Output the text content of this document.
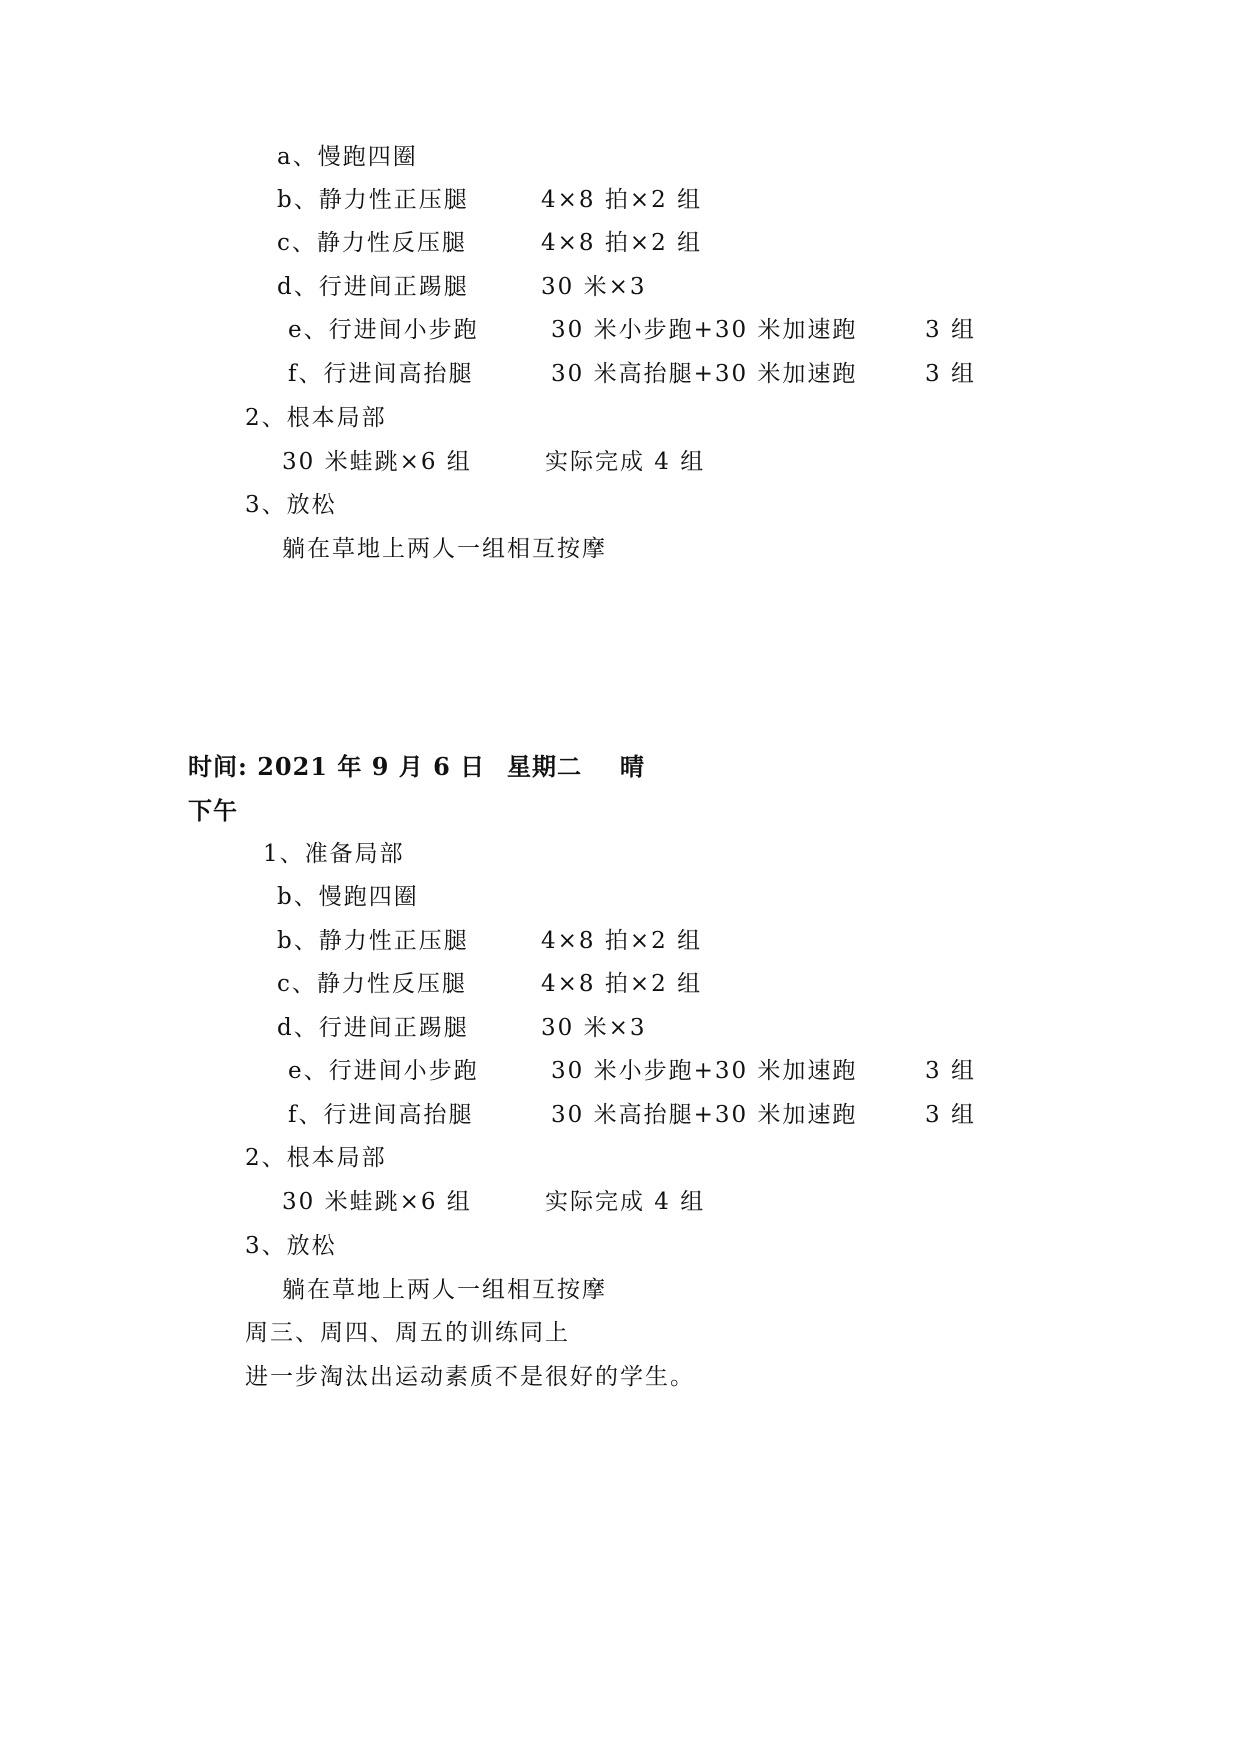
a、慢跑四圈
b、静力性正压腿	4×8 拍×2 组
c、静力性反压腿	4×8 拍×2 组
d、行进间正踢腿	30 米×3
e、行进间小步跑	30 米小步跑+30 米加速跑	3 组
f、行进间高抬腿	30 米高抬腿+30 米加速跑	3 组
2、根本局部
30 米蛙跳×6 组	实际完成 4 组
3、放松
躺在草地上两人一组相互按摩
时间: 2021 年 9 月 6 日 星期二 晴
下午
1、准备局部
b、慢跑四圈
b、静力性正压腿	4×8 拍×2 组
c、静力性反压腿	4×8 拍×2 组
d、行进间正踢腿	30 米×3
e、行进间小步跑	30 米小步跑+30 米加速跑	3 组
f、行进间高抬腿	30 米高抬腿+30 米加速跑	3 组
2、根本局部
30 米蛙跳×6 组	实际完成 4 组
3、放松
躺在草地上两人一组相互按摩
周三、周四、周五的训练同上
进一步淘汰出运动素质不是很好的学生。
